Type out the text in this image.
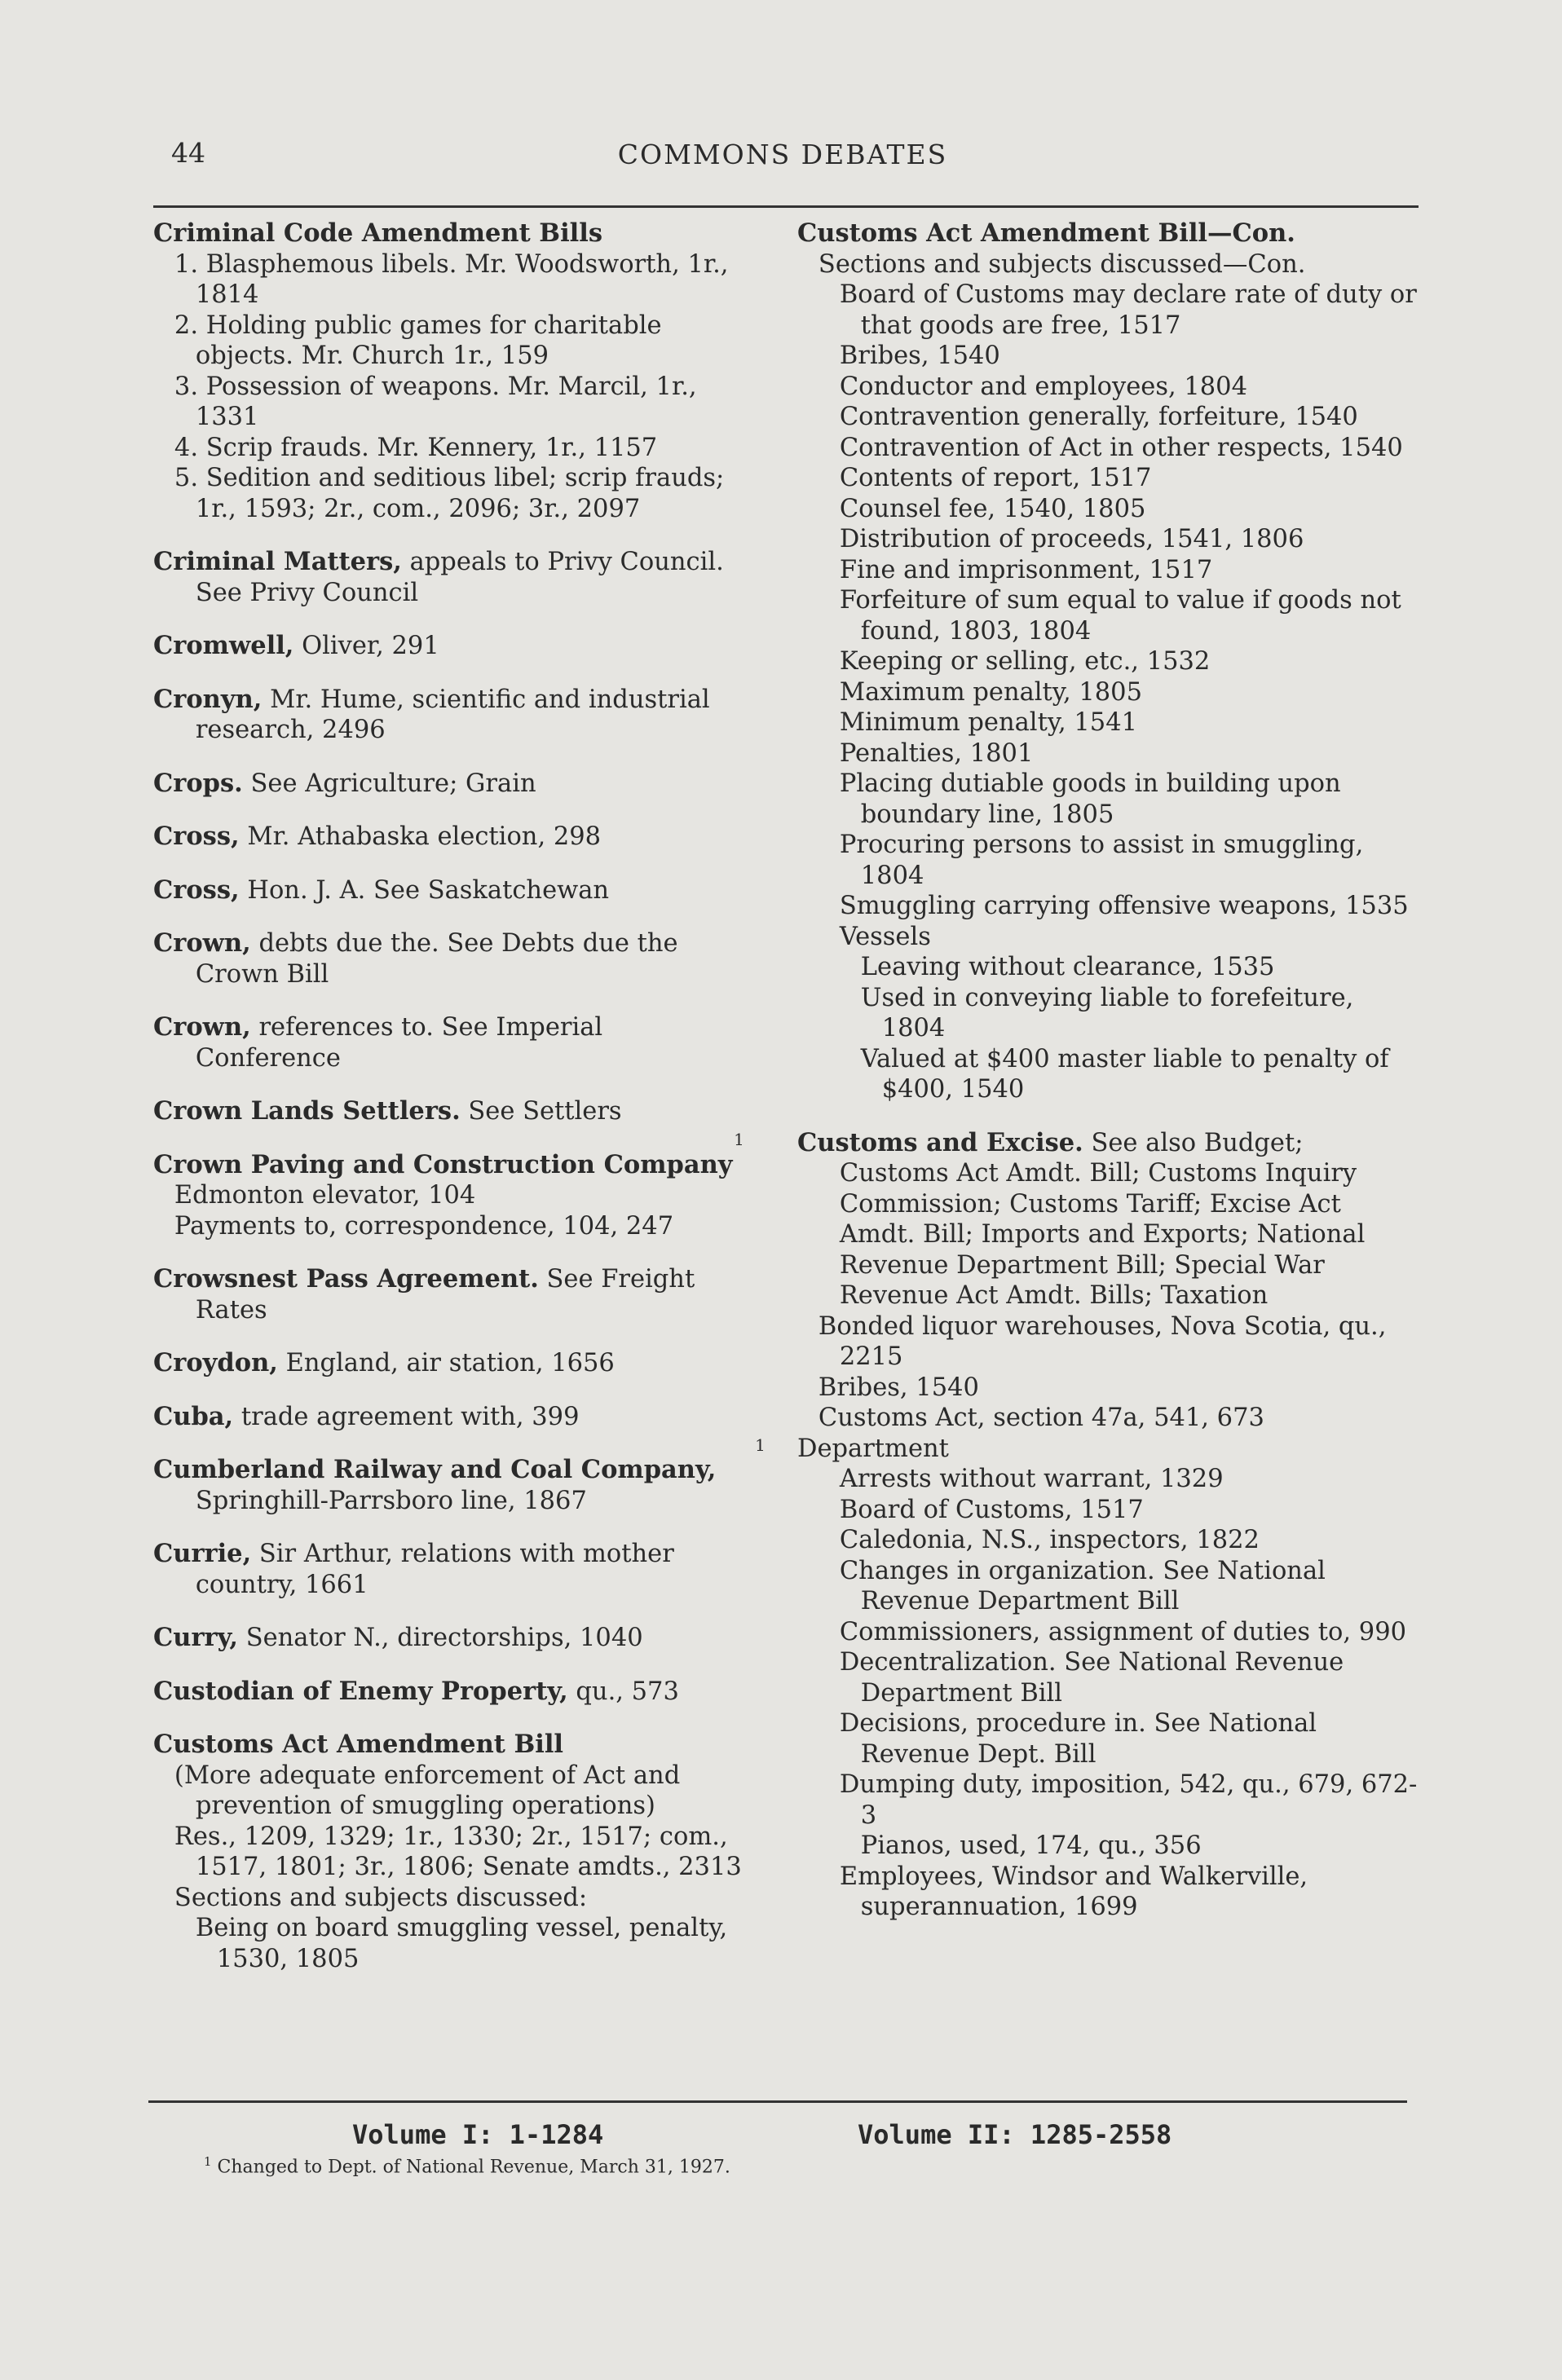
44	COMMONS DEBATES
Criminal Code Amendment Bills
1. Blasphemous libels. Mr. Woodsworth, 1r., 1814
2. Holding public games for charitable objects. Mr. Church 1r., 159
3. Possession of weapons. Mr. Marcil, 1r., 1331
4. Scrip frauds. Mr. Kennery, 1r., 1157
5. Sedition and seditious libel; scrip frauds; 1r., 1593; 2r., com., 2096; 3r., 2097
Criminal Matters, appeals to Privy Council. See Privy Council
Cromwell, Oliver, 291
Cronyn, Mr. Hume, scientific and industrial research, 2496
Crops. See Agriculture; Grain
Cross, Mr. Athabaska election, 298
Cross, Hon. J. A. See Saskatchewan
Crown, debts due the. See Debts due the Crown Bill
Crown, references to. See Imperial Conference
Crown Lands Settlers. See Settlers
Crown Paving and Construction Company
Edmonton elevator, 104
Payments to, correspondence, 104, 247
Crowsnest Pass Agreement. See Freight Rates
Croydon, England, air station, 1656
Cuba, trade agreement with, 399
Cumberland Railway and Coal Company, Springhill-Parrsboro line, 1867
Currie, Sir Arthur, relations with mother country, 1661
Curry, Senator N., directorships, 1040
Custodian of Enemy Property, qu., 573
Customs Act Amendment Bill
(More adequate enforcement of Act and prevention of smuggling operations)
Res., 1209, 1329; 1r., 1330; 2r., 1517; com., 1517, 1801; 3r., 1806; Senate amdts., 2313
Sections and subjects discussed:
Being on board smuggling vessel, penalty, 1530, 1805
Customs Act Amendment Bill—Con.
Sections and subjects discussed—Con.
Board of Customs may declare rate of duty or that goods are free, 1517
Bribes, 1540
Conductor and employees, 1804
Contravention generally, forfeiture, 1540
Contravention of Act in other respects, 1540
Contents of report, 1517
Counsel fee, 1540, 1805
Distribution of proceeds, 1541, 1806
Fine and imprisonment, 1517
Forfeiture of sum equal to value if goods not found, 1803, 1804
Keeping or selling, etc., 1532
Maximum penalty, 1805
Minimum penalty, 1541
Penalties, 1801
Placing dutiable goods in building upon boundary line, 1805
Procuring persons to assist in smuggling, 1804
Smuggling carrying offensive weapons, 1535
Vessels
Leaving without clearance, 1535
Used in conveying liable to forefeiture, 1804
Valued at $400 master liable to penalty of $400, 1540
1	Customs and Excise. See also Budget; Customs Act Amdt. Bill; Customs Inquiry Commission; Customs Tariff; Excise Act Amdt. Bill; Imports and Exports; National Revenue Department Bill; Special War Revenue Act Amdt. Bills; Taxation
Bonded liquor warehouses, Nova Scotia, qu., 2215
Bribes, 1540
Customs Act, section 47a, 541, 673
1	Department
Arrests without warrant, 1329
Board of Customs, 1517
Caledonia, N.S., inspectors, 1822
Changes in organization. See National Revenue Department Bill
Commissioners, assignment of duties to, 990
Decentralization. See National Revenue Department Bill
Decisions, procedure in. See National Revenue Dept. Bill
Dumping duty, imposition, 542, qu., 679, 672-3
Pianos, used, 174, qu., 356
Employees, Windsor and Walkerville, superannuation, 1699
Volume I: 1-1284	Volume II: 1285-2558
$^1$ Changed to Dept. of National Revenue, March 31, 1927.
